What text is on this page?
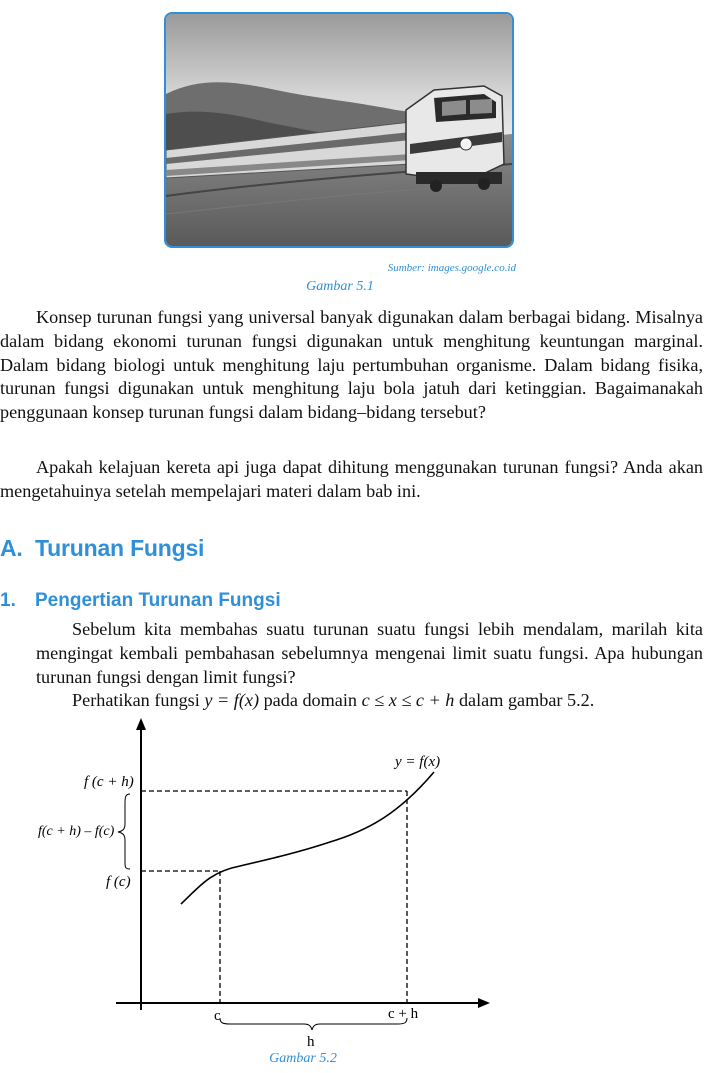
Sumber: images.google.co.id
Gambar 5.1

Konsep turunan fungsi yang universal banyak digunakan dalam berbagai bidang. Misalnya dalam bidang ekonomi turunan fungsi digunakan untuk menghitung keuntungan marginal. Dalam bidang biologi untuk menghitung laju pertumbuhan organisme. Dalam bidang fisika, turunan fungsi digunakan untuk menghitung laju bola jatuh dari ketinggian. Bagaimanakah penggunaan konsep turunan fungsi dalam bidang–bidang tersebut?

Apakah kelajuan kereta api juga dapat dihitung menggunakan turunan fungsi? Anda akan mengetahuinya setelah mempelajari materi dalam bab ini.

A. Turunan Fungsi
1. Pengertian Turunan Fungsi

Sebelum kita membahas suatu turunan suatu fungsi lebih mendalam, marilah kita mengingat kembali pembahasan sebelumnya mengenai limit suatu fungsi. Apa hubungan turunan fungsi dengan limit fungsi?

Perhatikan fungsi y = f(x) pada domain c ≤ x ≤ c + h dalam gambar 5.2.

y = f(x)
f (c + h)
f(c + h) – f(c)
f (c)
c	c + h
h
Gambar 5.2
